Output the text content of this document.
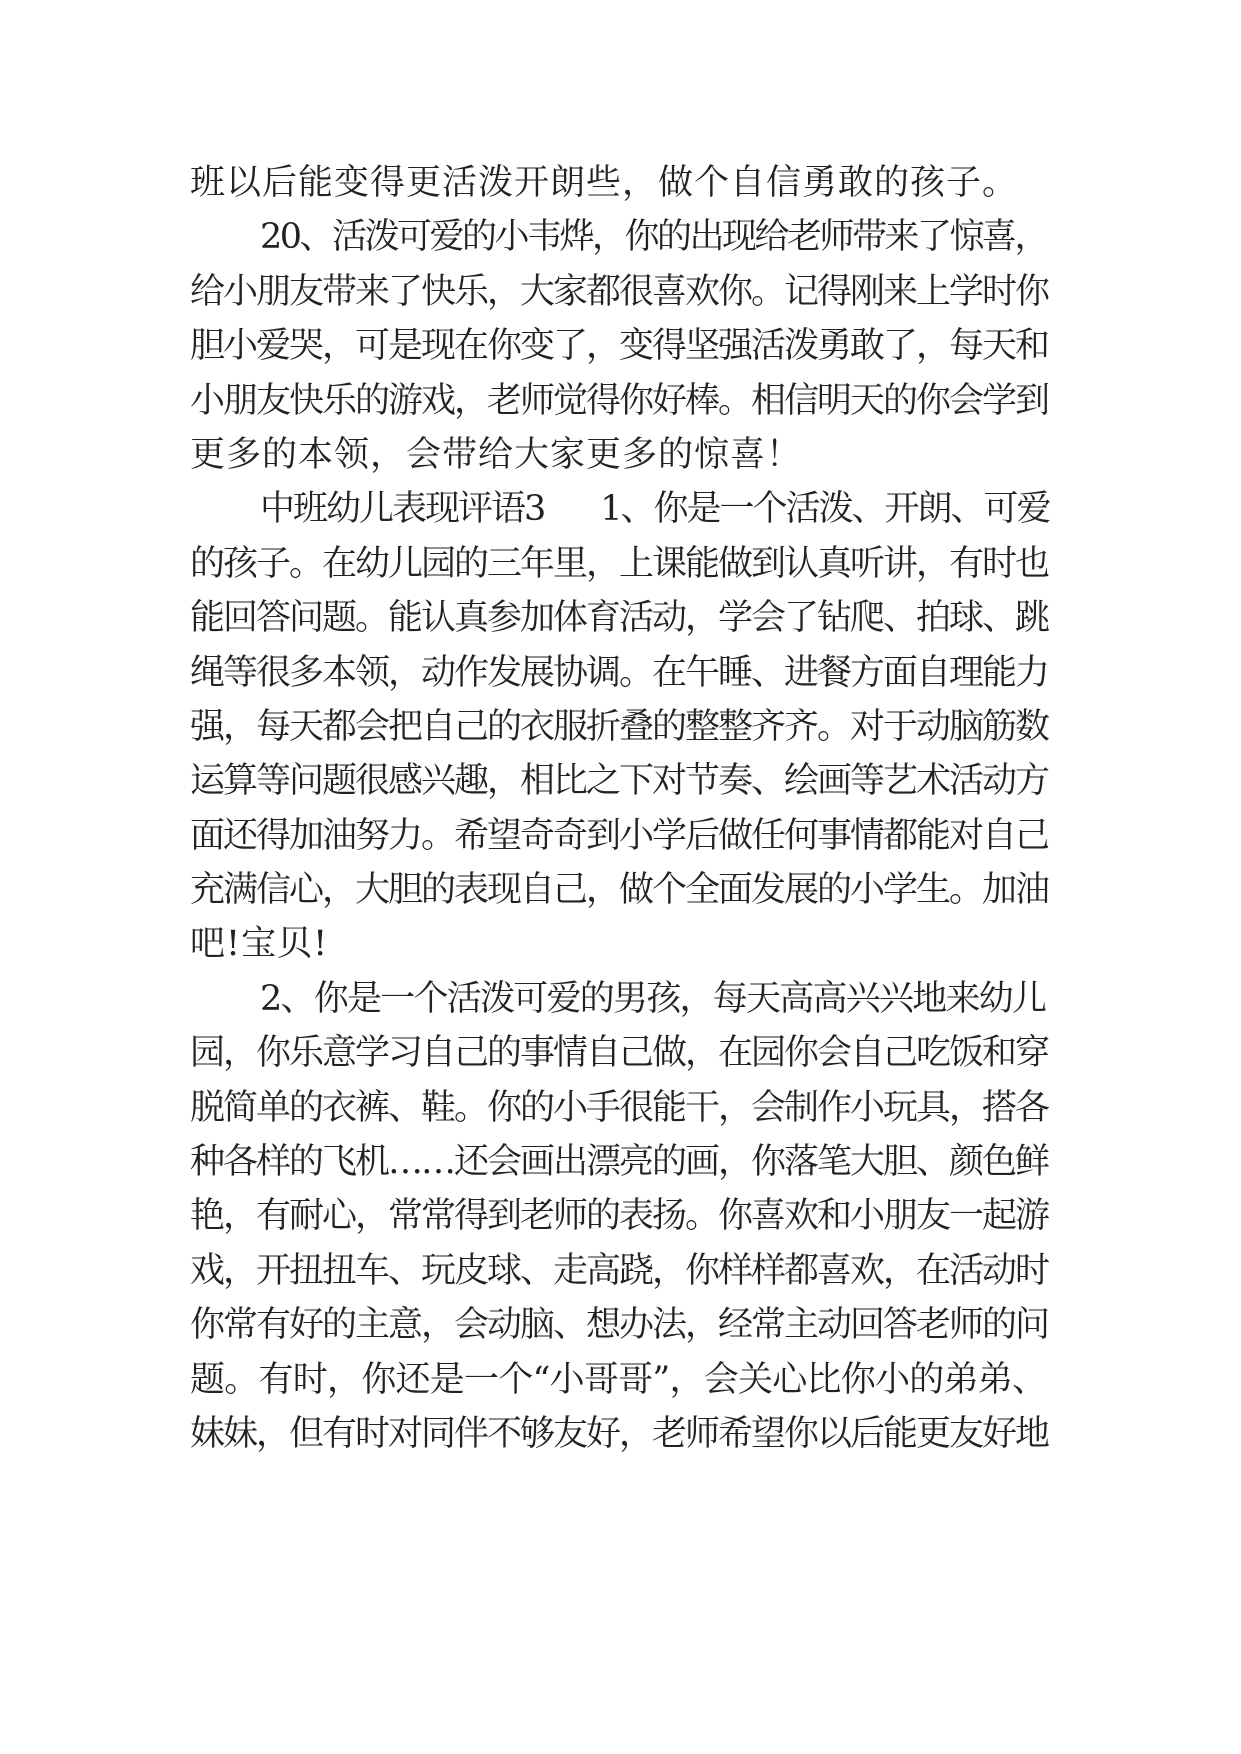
班以后能变得更活泼开朗些，做个自信勇敢的孩子。
20、活泼可爱的小韦烨，你的出现给老师带来了惊喜，
给小朋友带来了快乐，大家都很喜欢你。记得刚来上学时你
胆小爱哭，可是现在你变了，变得坚强活泼勇敢了，每天和
小朋友快乐的游戏，老师觉得你好棒。相信明天的你会学到
更多的本领，会带给大家更多的惊喜！
中班幼儿表现评语3 1、你是一个活泼、开朗、可爱
的孩子。在幼儿园的三年里，上课能做到认真听讲，有时也
能回答问题。能认真参加体育活动，学会了钻爬、拍球、跳
绳等很多本领，动作发展协调。在午睡、进餐方面自理能力
强，每天都会把自己的衣服折叠的整整齐齐。对于动脑筋数
运算等问题很感兴趣，相比之下对节奏、绘画等艺术活动方
面还得加油努力。希望奇奇到小学后做任何事情都能对自己
充满信心，大胆的表现自己，做个全面发展的小学生。加油
吧!宝贝!
2、你是一个活泼可爱的男孩，每天高高兴兴地来幼儿
园，你乐意学习自己的事情自己做，在园你会自己吃饭和穿
脱简单的衣裤、鞋。你的小手很能干，会制作小玩具，搭各
种各样的飞机……还会画出漂亮的画，你落笔大胆、颜色鲜
艳，有耐心，常常得到老师的表扬。你喜欢和小朋友一起游
戏，开扭扭车、玩皮球、走高跷，你样样都喜欢，在活动时
你常有好的主意，会动脑、想办法，经常主动回答老师的问
题。有时，你还是一个“小哥哥”，会关心比你小的弟弟、
妹妹，但有时对同伴不够友好，老师希望你以后能更友好地
